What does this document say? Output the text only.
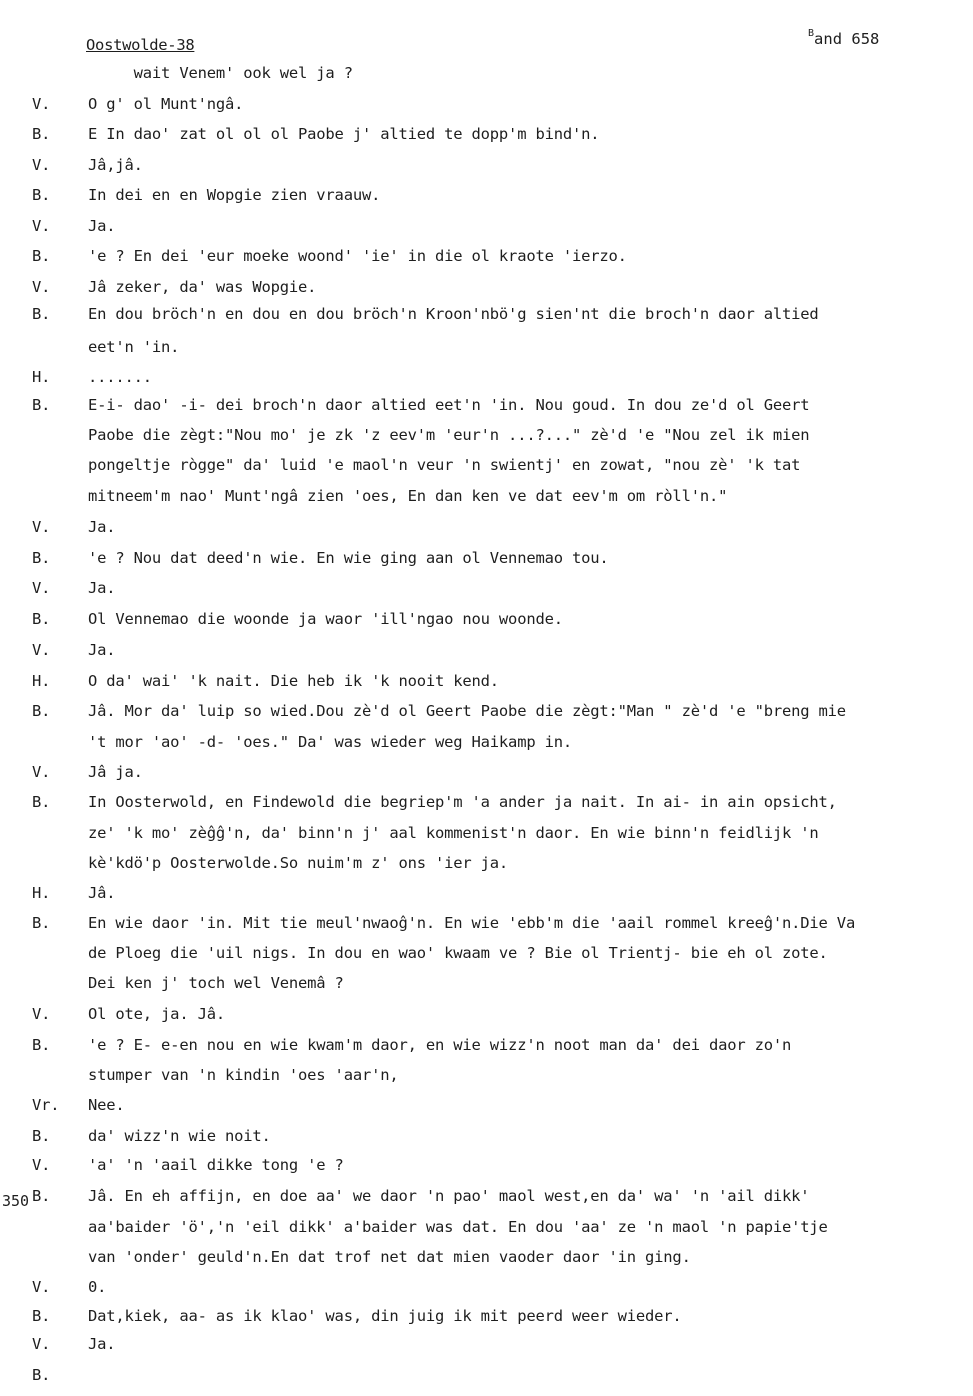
Oostwolde-38
$^B$and 658
350
wait Venem' ook wel ja ?
V.	O g' ol Munt'ngâ.
B.	E In dao' zat ol ol ol Paobe j' altied te dopp'm bind'n.
V.	Jâ,jâ.
B.	In dei en en Wopgie zien vraauw.
V.	Ja.
B.	'e ? En dei 'eur moeke woond' 'ie' in die ol kraote 'ierzo.
V.	Jâ zeker, da' was Wopgie.
B.	En dou bröch'n en dou en dou bröch'n Kroon'nbö'g sien'nt die broch'n daor altied
eet'n 'in.
H.	.......
B.	E-i- dao' -i- dei broch'n daor altied eet'n 'in. Nou goud. In dou ze'd ol Geert
Paobe die zègt:"Nou mo' je zk 'z eev'm 'eur'n ...?..." zè'd 'e "Nou zel ik mien
pongeltje rògge" da' luid 'e maol'n veur 'n swientj' en zowat, "nou zè' 'k tat
mitneem'm nao' Munt'ngâ zien 'oes, En dan ken ve dat eev'm om ròll'n."
V.	Ja.
B.	'e ? Nou dat deed'n wie. En wie ging aan ol Vennemao tou.
V.	Ja.
B.	Ol Vennemao die woonde ja waor 'ill'ngao nou woonde.
V.	Ja.
H.	O da' wai' 'k nait. Die heb ik 'k nooit kend.
B.	Jâ. Mor da' luip so wied.Dou zè'd ol Geert Paobe die zègt:"Man " zè'd 'e "breng mie
't mor 'ao' -d- 'oes." Da' was wieder weg Haikamp in.
V.	Jâ ja.
B.	In Oosterwold, en Findewold die begriep'm 'a ander ja nait. In ai- in ain opsicht,
ze' 'k mo' zèĝĝ'n, da' binn'n j' aal kommenist'n daor. En wie binn'n feidlijk 'n
kè'kdö'p Oosterwolde.So nuim'm z' ons 'ier ja.
H.	Jâ.
B.	En wie daor 'in. Mit tie meul'nwaoĝ'n. En wie 'ebb'm die 'aail rommel kreeĝ'n.Die Va
de Ploeg die 'uil nigs. In dou en wao' kwaam ve ? Bie ol Trientj- bie eh ol zote.
Dei ken j' toch wel Venemâ ?
V.	Ol ote, ja. Jâ.
B.	'e ? E- e-en nou en wie kwam'm daor, en wie wizz'n noot man da' dei daor zo'n
stumper van 'n kindin 'oes 'aar'n,
Vr.	Nee.
B.	da' wizz'n wie noit.
V.	'a' 'n 'aail dikke tong 'e ?
B.	Jâ. En eh affijn, en doe aa' we daor 'n pao' maol west,en da' wa' 'n 'ail dikk'
aa'baider 'ö','n 'eil dikk' a'baider was dat. En dou 'aa' ze 'n maol 'n papie'tje
van 'onder' geuld'n.En dat trof net dat mien vaoder daor 'in ging.
V.	0.
B.	Dat,kiek, aa- as ik klao' was, din juig ik mit peerd weer wieder.
V.	Ja.
B.
